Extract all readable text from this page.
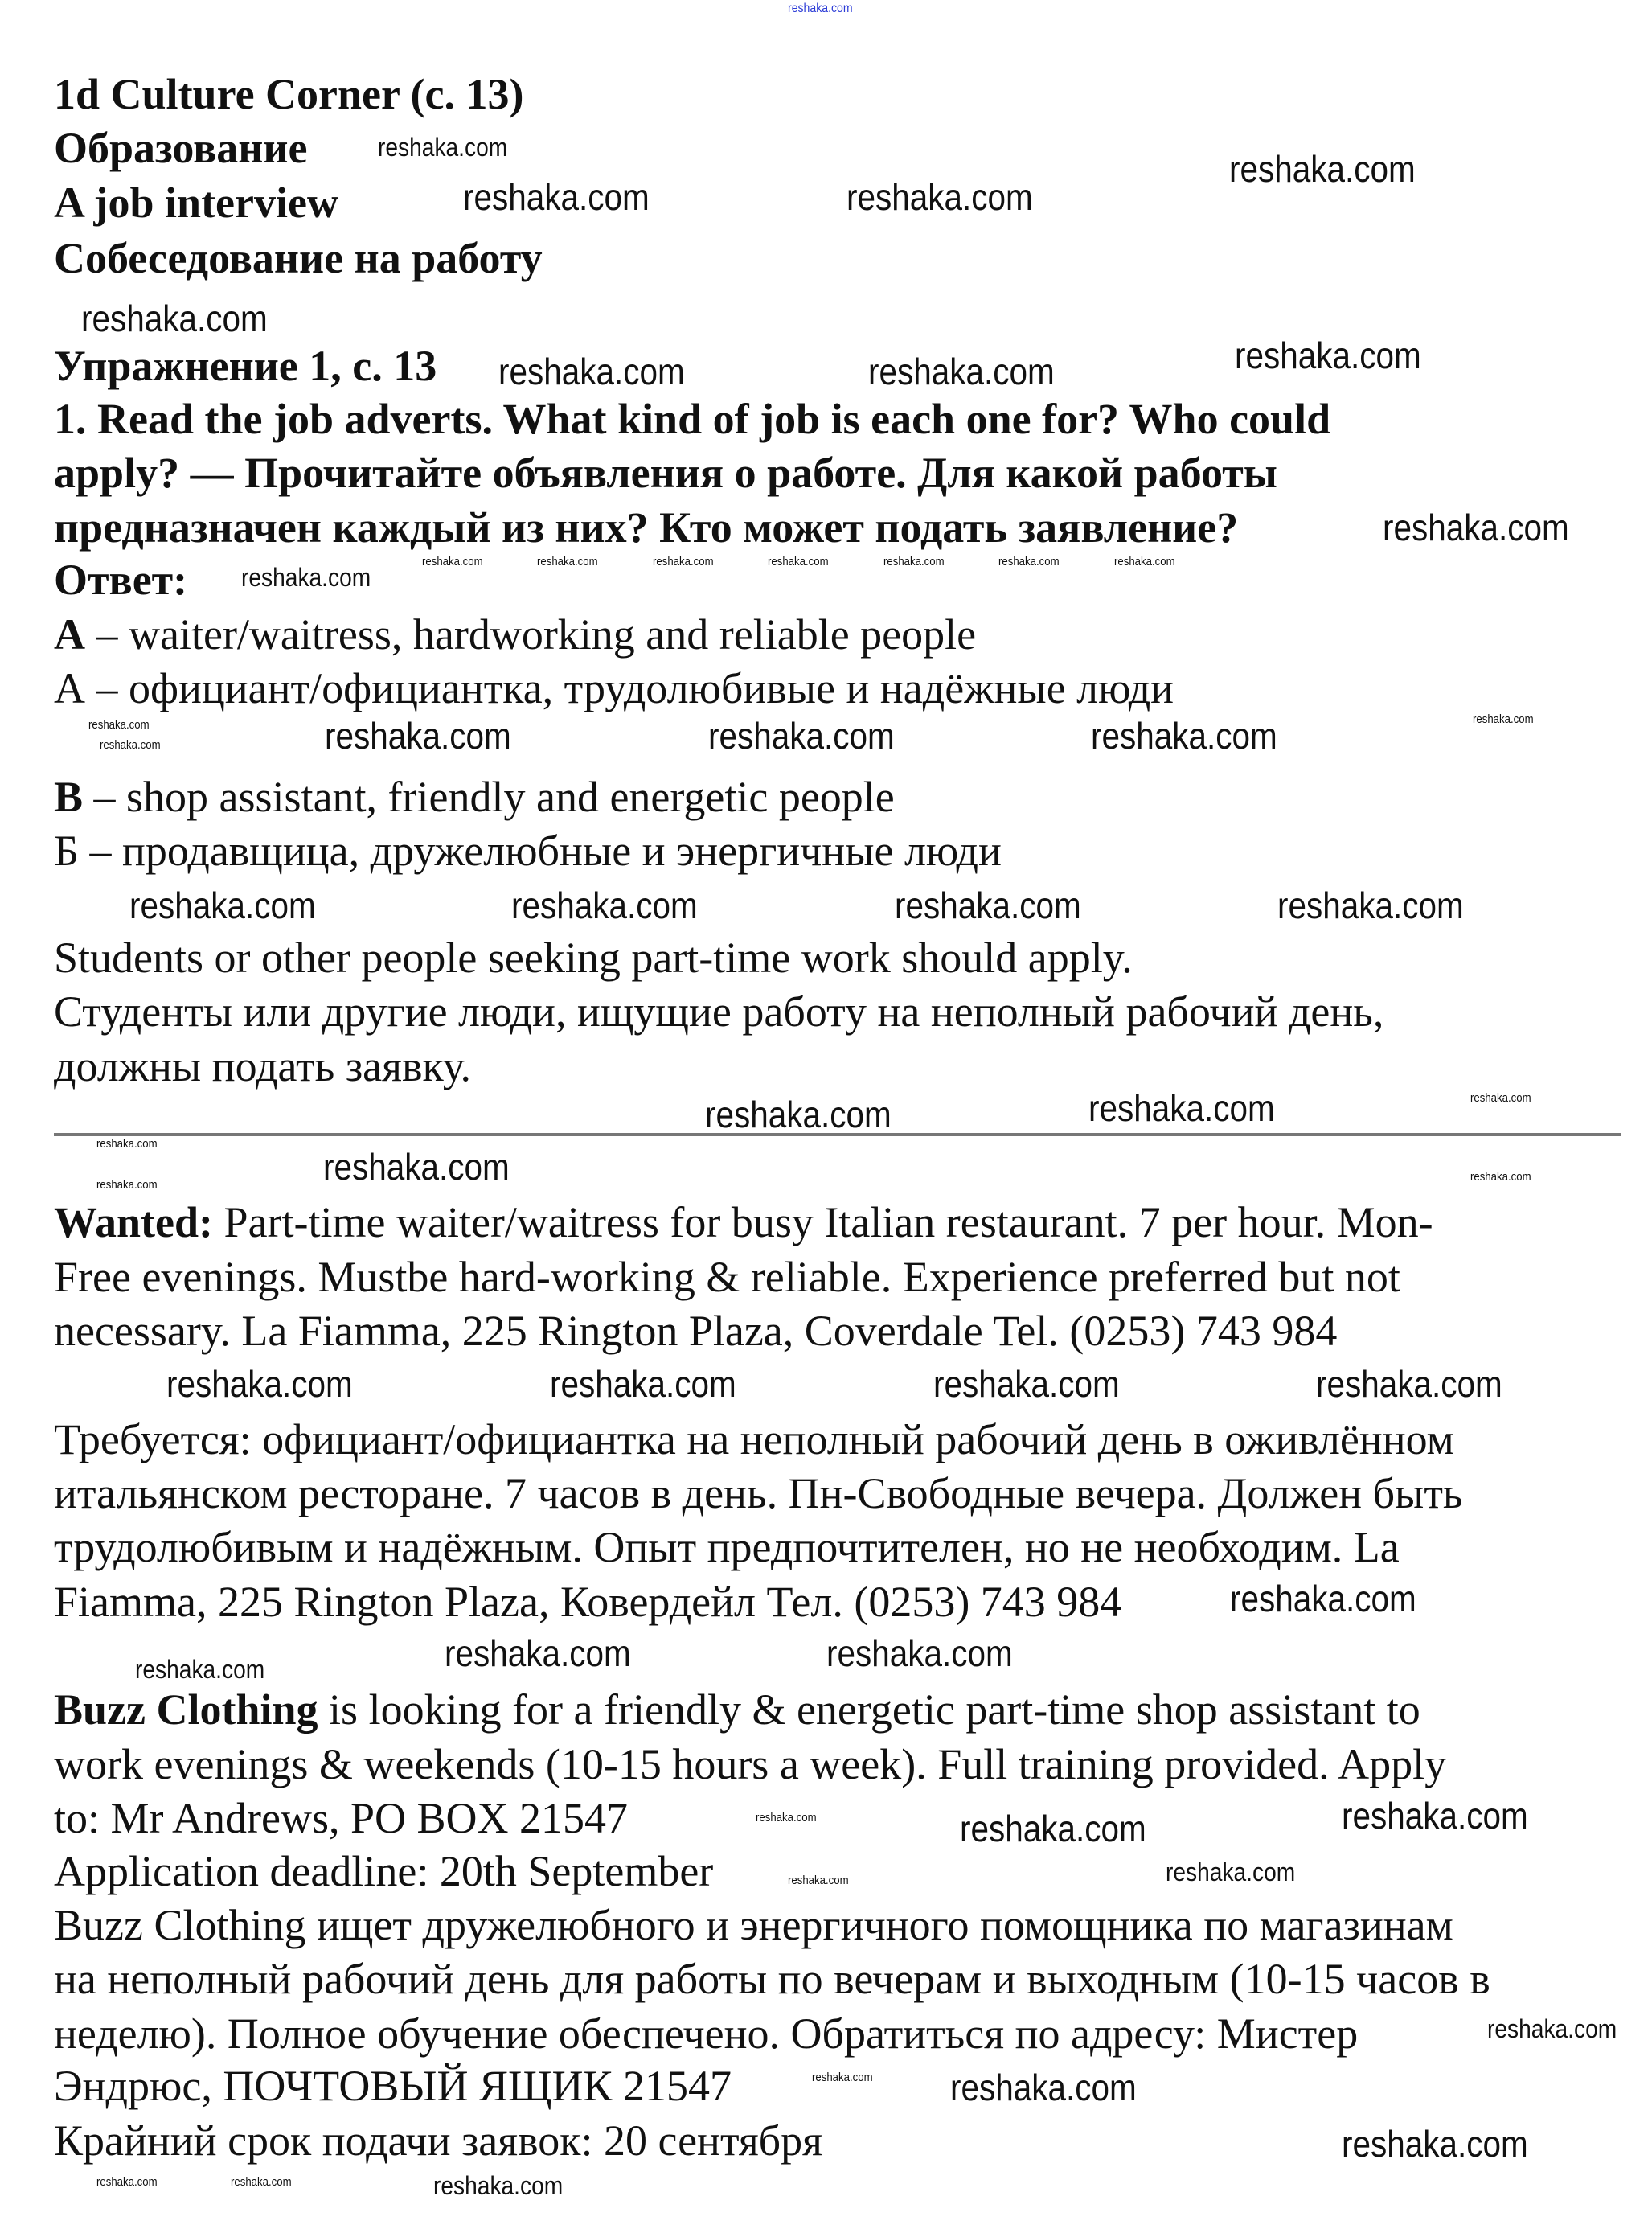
1d Culture Corner (с. 13)
Образование
A job interview
Собеседование на работу
Упражнение 1, с. 13
1. Read the job adverts. What kind of job is each one for? Who could
apply? — Прочитайте объявления о работе. Для какой работы
предназначен каждый из них? Кто может подать заявление?
Ответ:
A – waiter/waitress, hardworking and reliable people
А – официант/официантка, трудолюбивые и надёжные люди
B – shop assistant, friendly and energetic people
Б – продавщица, дружелюбные и энергичные люди
Students or other people seeking part-time work should apply.
Студенты или другие люди, ищущие работу на неполный рабочий день,
должны подать заявку.
Wanted: Part-time waiter/waitress for busy Italian restaurant. 7 per hour. Mon-
Free evenings. Mustbe hard-working & reliable. Experience preferred but not
necessary. La Fiamma, 225 Rington Plaza, Coverdale Tel. (0253) 743 984
Требуется: официант/официантка на неполный рабочий день в оживлённом
итальянском ресторане. 7 часов в день. Пн-Свободные вечера. Должен быть
трудолюбивым и надёжным. Опыт предпочтителен, но не необходим. La
Fiamma, 225 Rington Plaza, Ковердейл Тел. (0253) 743 984
Buzz Clothing is looking for a friendly & energetic part-time shop assistant to
work evenings & weekends (10-15 hours a week). Full training provided. Apply
to: Mr Andrews, PO BOX 21547
Application deadline: 20th September
Buzz Clothing ищет дружелюбного и энергичного помощника по магазинам
на неполный рабочий день для работы по вечерам и выходным (10-15 часов в
неделю). Полное обучение обеспечено. Обратиться по адресу: Мистер
Эндрюс, ПОЧТОВЫЙ ЯЩИК 21547
Крайний срок подачи заявок: 20 сентября
reshaka.com
reshaka.com	reshaka.com
reshaka.com
reshaka.com
reshaka.com	reshaka.com	reshaka.com
reshaka.com
reshaka.com	reshaka.com	reshaka.com
reshaka.com	reshaka.com	reshaka.com	reshaka.com
reshaka.com	reshaka.com
reshaka.com
reshaka.com	reshaka.com	reshaka.com
reshaka.com
reshaka.com
reshaka.com	reshaka.com
reshaka.com	reshaka.com
reshaka.com
reshaka.com
reshaka.com
reshaka.com
reshaka.com
reshaka.com
reshaka.com
reshaka.com
reshaka.com	reshaka.com	reshaka.com	reshaka.com	reshaka.com	reshaka.com	reshaka.com
reshaka.com
reshaka.com
reshaka.com
reshaka.com
reshaka.com
reshaka.com
reshaka.com
reshaka.com
reshaka.com
reshaka.com
reshaka.com	reshaka.com
